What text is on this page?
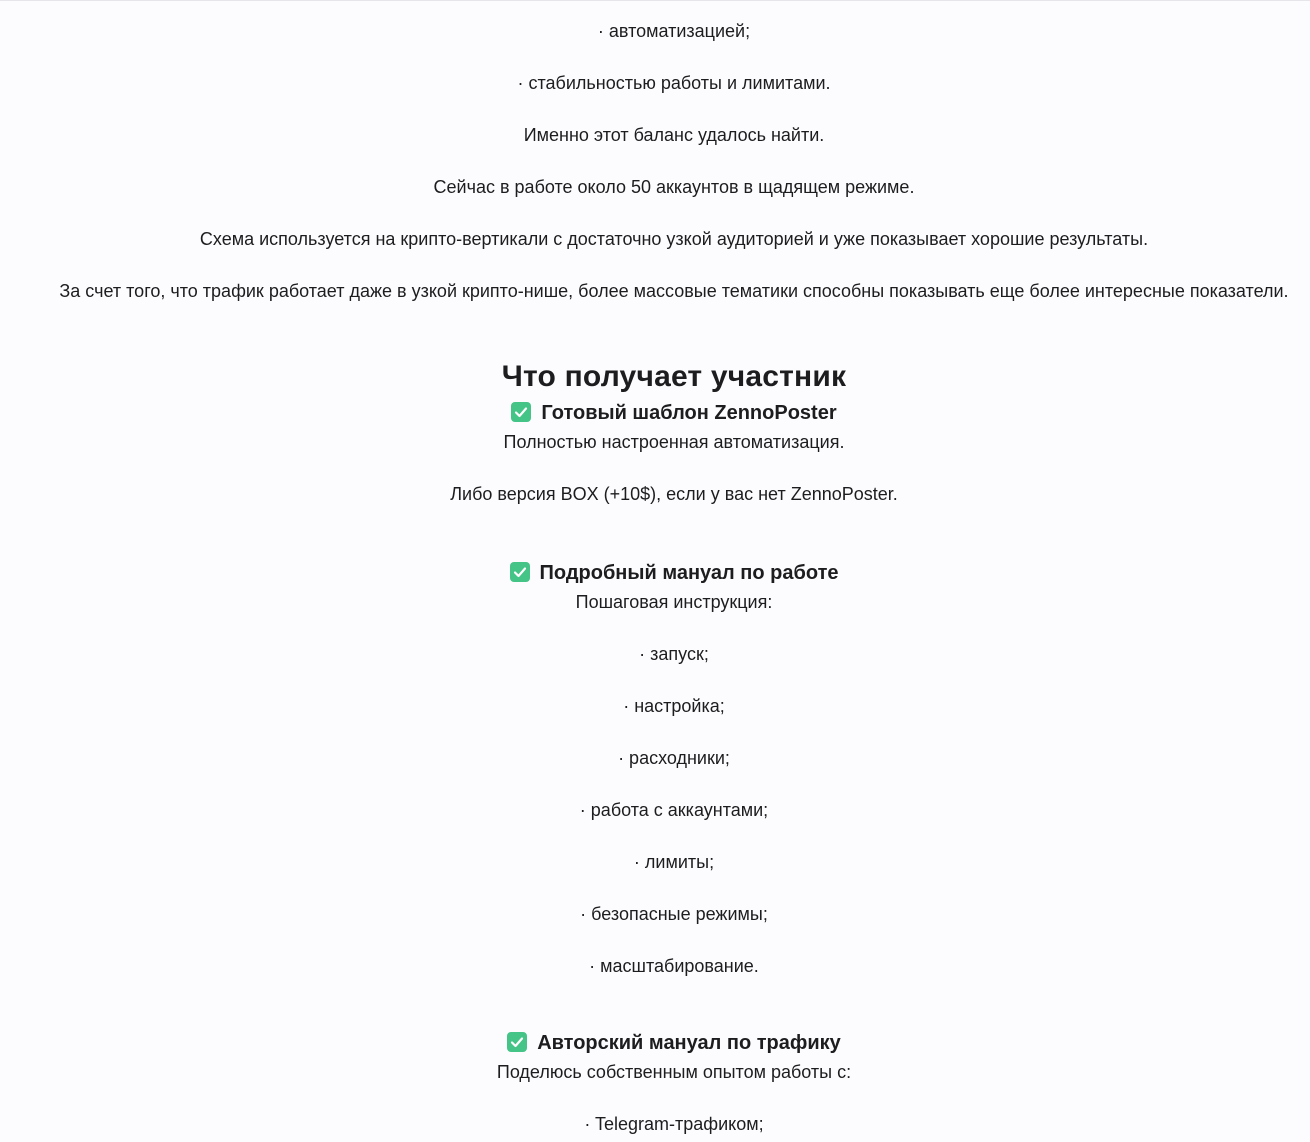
· автоматизацией;
· стабильностью работы и лимитами.
Именно этот баланс удалось найти.
Сейчас в работе около 50 аккаунтов в щадящем режиме.
Схема используется на крипто-вертикали с достаточно узкой аудиторией и уже показывает хорошие результаты.
За счет того, что трафик работает даже в узкой крипто-нише, более массовые тематики способны показывать еще более интересные показатели.
Что получает участник
Готовый шаблон ZennoPoster
Полностью настроенная автоматизация.
Либо версия BOX (+10$), если у вас нет ZennoPoster.
Подробный мануал по работе
Пошаговая инструкция:
· запуск;
· настройка;
· расходники;
· работа с аккаунтами;
· лимиты;
· безопасные режимы;
· масштабирование.
Авторский мануал по трафику
Поделюсь собственным опытом работы с:
· Telegram-трафиком;
